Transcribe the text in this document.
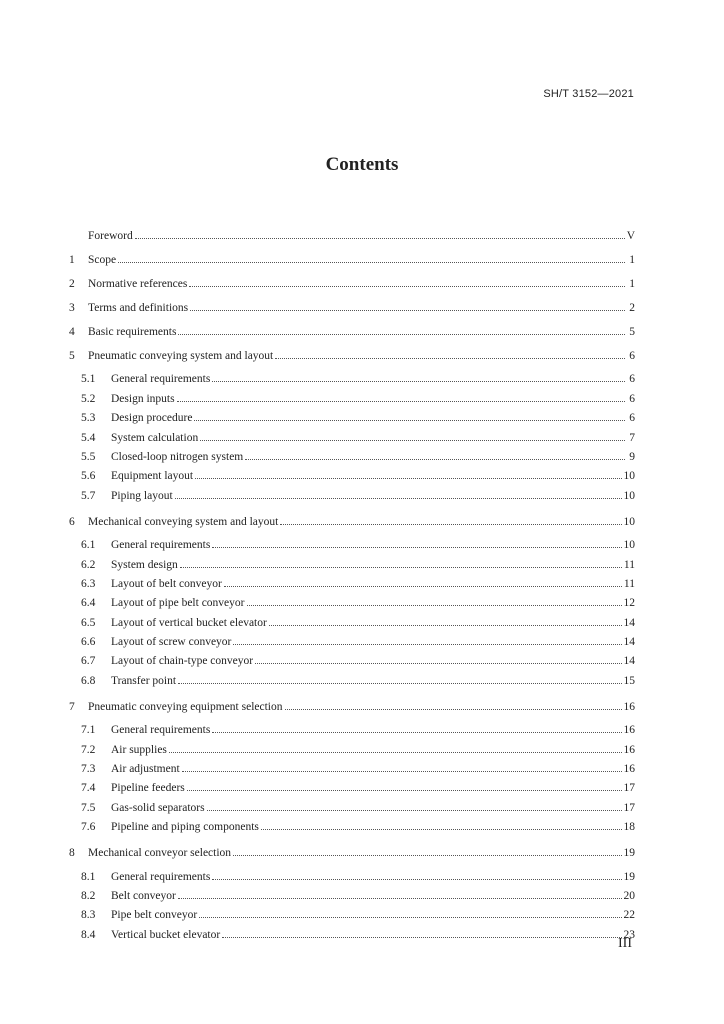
SH/T 3152—2021
Contents
Foreword	V
1	Scope	1
2	Normative references	1
3	Terms and definitions	2
4	Basic requirements	5
5	Pneumatic conveying system and layout	6
5.1	General requirements	6
5.2	Design inputs	6
5.3	Design procedure	6
5.4	System calculation	7
5.5	Closed-loop nitrogen system	9
5.6	Equipment layout	10
5.7	Piping layout	10
6	Mechanical conveying system and layout	10
6.1	General requirements	10
6.2	System design	11
6.3	Layout of belt conveyor	11
6.4	Layout of pipe belt conveyor	12
6.5	Layout of vertical bucket elevator	14
6.6	Layout of screw conveyor	14
6.7	Layout of chain-type conveyor	14
6.8	Transfer point	15
7	Pneumatic conveying equipment selection	16
7.1	General requirements	16
7.2	Air supplies	16
7.3	Air adjustment	16
7.4	Pipeline feeders	17
7.5	Gas-solid separators	17
7.6	Pipeline and piping components	18
8	Mechanical conveyor selection	19
8.1	General requirements	19
8.2	Belt conveyor	20
8.3	Pipe belt conveyor	22
8.4	Vertical bucket elevator	23
III
